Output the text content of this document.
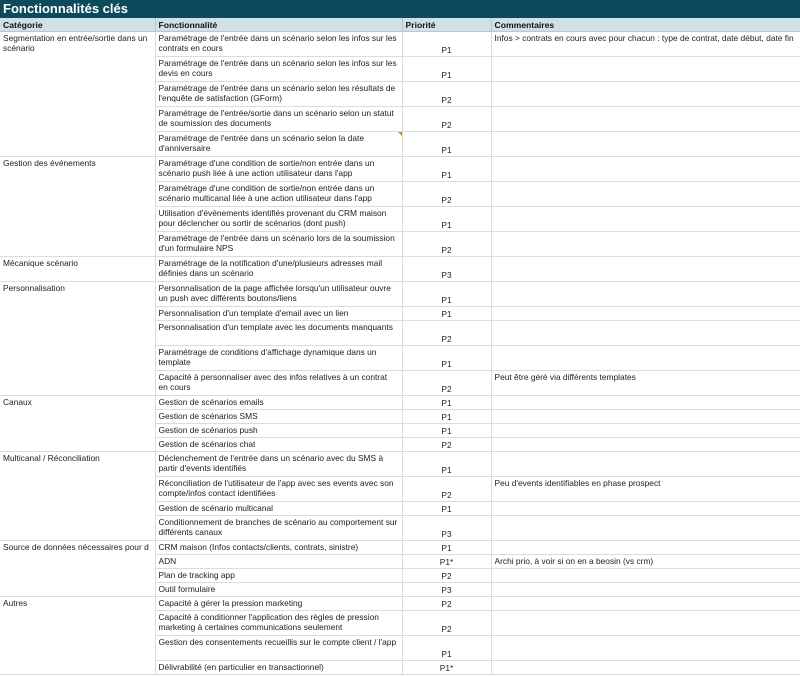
Fonctionnalités clés
Catégorie	Fonctionnalité	Priorité	Commentaires
Segmentation en entrée/sortie dans un scénario	Paramétrage de l'entrée dans un scénario selon les infos sur les contrats en cours	P1	Infos > contrats en cours avec pour chacun : type de contrat, date début, date fin
	Paramétrage de l'entrée dans un scénario selon les infos sur les devis en cours	P1	
	Paramétrage de l'entrée dans un scénario selon les résultats de l'enquête de satisfaction (GForm)	P2	
	Paramétrage de l'entrée/sortie dans un scénario selon un statut de soumission des documents	P2	
	Paramétrage de l'entrée dans un scénario selon la date d'anniversaire	P1	
Gestion des événements	Paramétrage d'une condition de sortie/non entrée dans un scénario push liée à une action utilisateur dans l'app	P1	
	Paramétrage d'une condition de sortie/non entrée dans un scénario multicanal liée à une action utilisateur dans l'app	P2	
	Utilisation d'événements identifiés provenant du CRM maison pour déclencher ou sortir de scénarios (dont push)	P1	
	Paramétrage de l'entrée dans un scénario lors de la soumission d'un formulaire NPS	P2	
Mécanique scénario	Paramétrage de la notification d'une/plusieurs adresses mail définies dans un scénario	P3	
Personnalisation	Personnalisation de la page affichée lorsqu'un utilisateur ouvre un push avec différents boutons/liens	P1	
	Personnalisation d'un template d'email avec un lien	P1	
	Personnalisation d'un template avec les documents manquants	P2	
	Paramétrage de conditions d'affichage dynamique dans un template	P1	
	Capacité à personnaliser avec des infos relatives à un contrat en cours	P2	Peut être géré via différents templates
Canaux	Gestion de scénarios emails	P1	
	Gestion de scénarios SMS	P1	
	Gestion de scénarios push	P1	
	Gestion de scénarios chat	P2	
Multicanal / Réconciliation	Déclenchement de l'entrée dans un scénario avec du SMS à partir d'events identifiés	P1	
	Réconciliation de l'utilisateur de l'app avec ses events avec son compte/infos contact identifiées	P2	Peu d'events identifiables en phase prospect
	Gestion de scénario multicanal	P1	
	Conditionnement de branches de scénario au comportement sur différents canaux	P3	
Source de données nécessaires pour d	CRM maison (Infos contacts/clients, contrats, sinistre)	P1	
	ADN	P1*	Archi prio, à voir si on en a beosin (vs crm)
	Plan de tracking app	P2	
	Outil formulaire	P3	
Autres	Capacité à gérer la pression marketing	P2	
	Capacité à conditionner l'application des règles de pression marketing à certaines communications seulement	P2	
	Gestion des consentements recueillis sur le compte client / l'app	P1	
	Délivrabilité (en particulier en transactionnel)	P1*	
